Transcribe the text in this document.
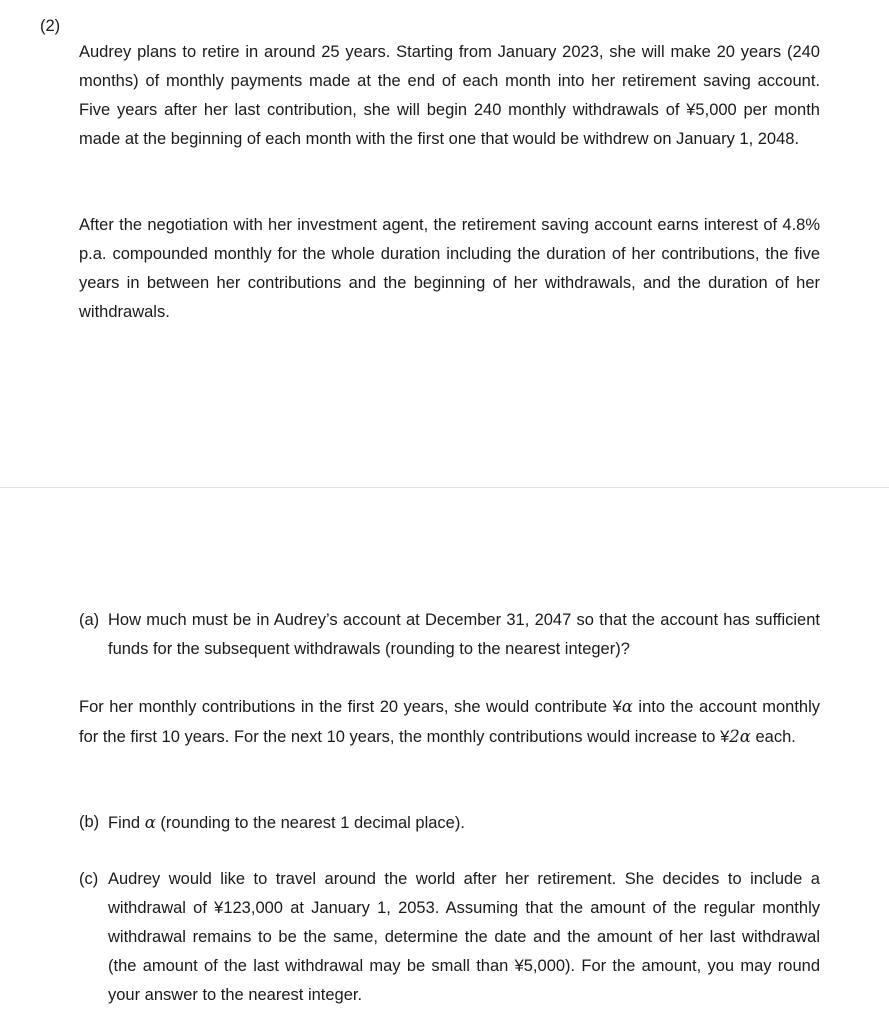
(2)

Audrey plans to retire in around 25 years. Starting from January 2023, she will make 20 years (240 months) of monthly payments made at the end of each month into her retirement saving account. Five years after her last contribution, she will begin 240 monthly withdrawals of ¥5,000 per month made at the beginning of each month with the first one that would be withdrew on January 1, 2048.

After the negotiation with her investment agent, the retirement saving account earns interest of 4.8% p.a. compounded monthly for the whole duration including the duration of her contributions, the five years in between her contributions and the beginning of her withdrawals, and the duration of her withdrawals.

(a) How much must be in Audrey’s account at December 31, 2047 so that the account has sufficient funds for the subsequent withdrawals (rounding to the nearest integer)?

For her monthly contributions in the first 20 years, she would contribute ¥α into the account monthly for the first 10 years. For the next 10 years, the monthly contributions would increase to ¥2α each.

(b) Find α (rounding to the nearest 1 decimal place).
(c) Audrey would like to travel around the world after her retirement. She decides to include a withdrawal of ¥123,000 at January 1, 2053. Assuming that the amount of the regular monthly withdrawal remains to be the same, determine the date and the amount of her last withdrawal (the amount of the last withdrawal may be small than ¥5,000). For the amount, you may round your answer to the nearest integer.
